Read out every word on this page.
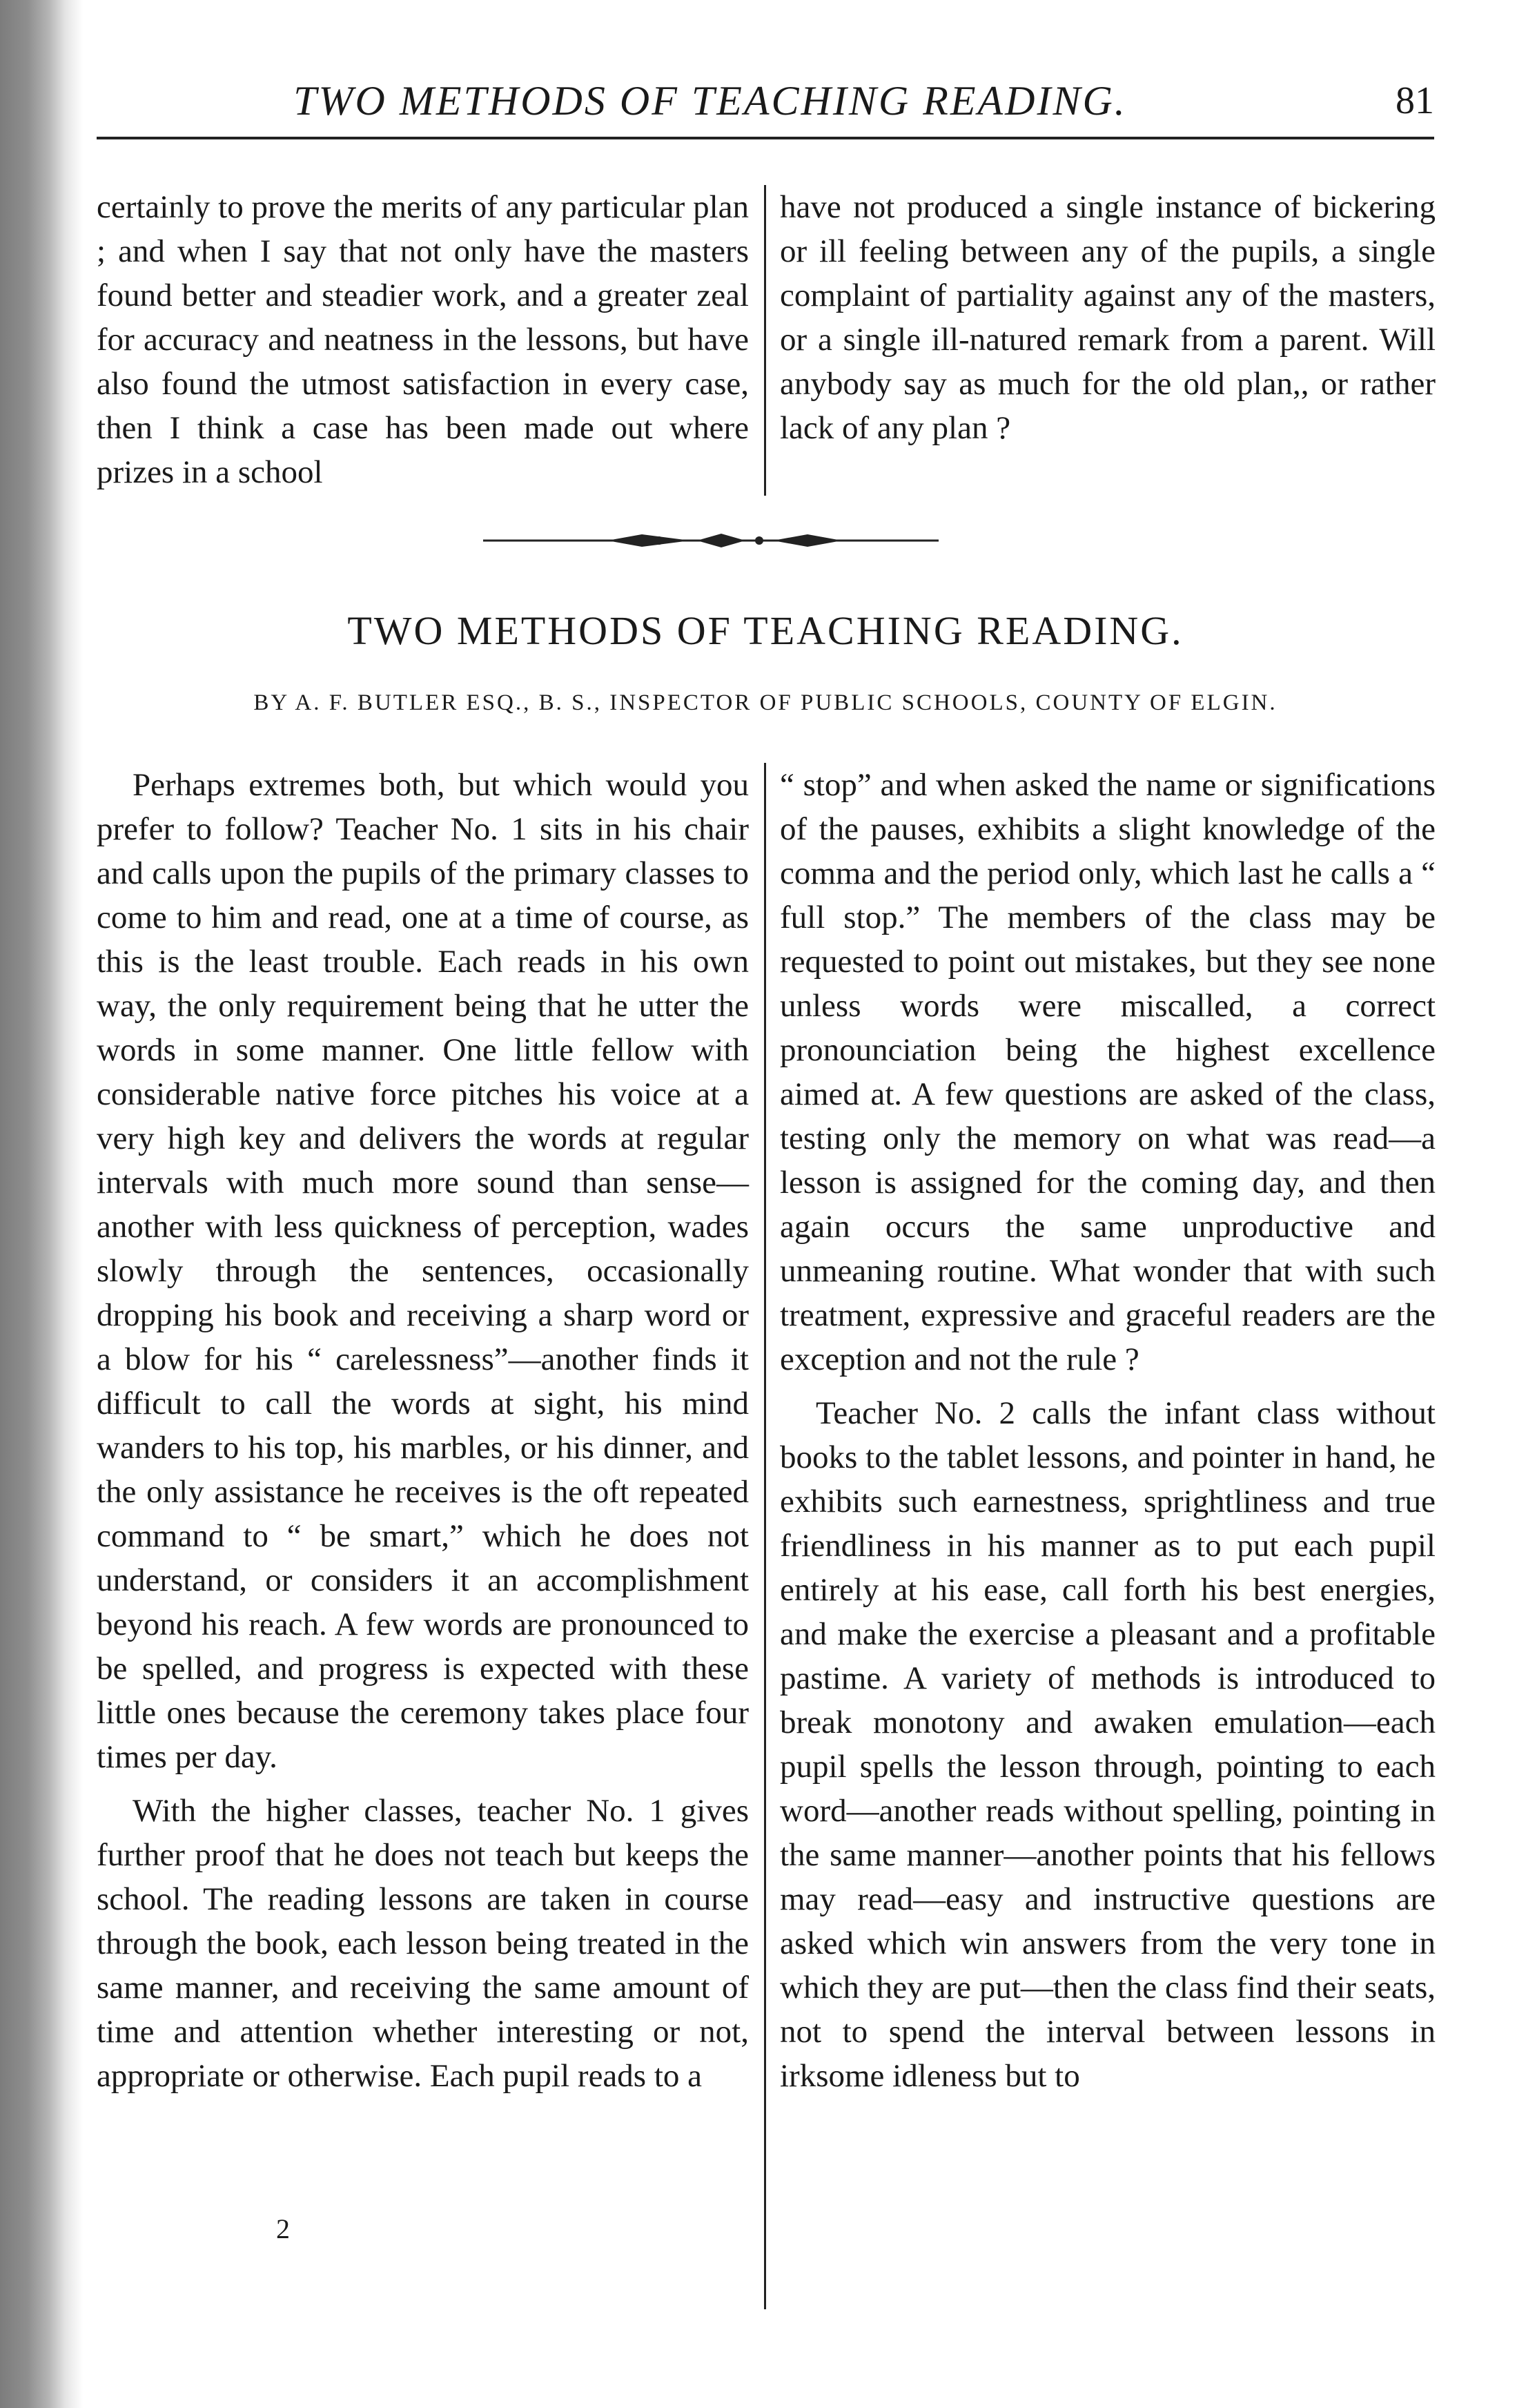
TWO METHODS OF TEACHING READING.	81

certainly to prove the merits of any particular plan ; and when I say that not only have the masters found better and steadier work, and a greater zeal for accuracy and neatness in the lessons, but have also found the utmost satisfaction in every case, then I think a case has been made out where prizes in a school

have not produced a single instance of bickering or ill feeling between any of the pupils, a single complaint of partiality against any of the masters, or a single ill-natured remark from a parent. Will anybody say as much for the old plan,, or rather lack of any plan ?

TWO METHODS OF TEACHING READING.
BY A. F. BUTLER ESQ., B. S., INSPECTOR OF PUBLIC SCHOOLS, COUNTY OF ELGIN.

Perhaps extremes both, but which would you prefer to follow? Teacher No. 1 sits in his chair and calls upon the pupils of the primary classes to come to him and read, one at a time of course, as this is the least trouble. Each reads in his own way, the only requirement being that he utter the words in some manner. One little fellow with considerable native force pitches his voice at a very high key and delivers the words at regular intervals with much more sound than sense—another with less quickness of perception, wades slowly through the sentences, occasionally dropping his book and receiving a sharp word or a blow for his “ carelessness”—another finds it difficult to call the words at sight, his mind wanders to his top, his marbles, or his dinner, and the only assistance he receives is the oft repeated command to “ be smart,” which he does not understand, or considers it an accomplishment beyond his reach. A few words are pronounced to be spelled, and progress is expected with these little ones because the ceremony takes place four times per day.

With the higher classes, teacher No. 1 gives further proof that he does not teach but keeps the school. The reading lessons are taken in course through the book, each lesson being treated in the same manner, and receiving the same amount of time and attention whether interesting or not, appropriate or otherwise. Each pupil reads to a

“ stop” and when asked the name or significations of the pauses, exhibits a slight knowledge of the comma and the period only, which last he calls a “ full stop.” The members of the class may be requested to point out mistakes, but they see none unless words were miscalled, a correct pronounciation being the highest excellence aimed at. A few questions are asked of the class, testing only the memory on what was read—a lesson is assigned for the coming day, and then again occurs the same unproductive and unmeaning routine. What wonder that with such treatment, expressive and graceful readers are the exception and not the rule ?

Teacher No. 2 calls the infant class without books to the tablet lessons, and pointer in hand, he exhibits such earnestness, sprightliness and true friendliness in his manner as to put each pupil entirely at his ease, call forth his best energies, and make the exercise a pleasant and a profitable pastime. A variety of methods is introduced to break monotony and awaken emulation—each pupil spells the lesson through, pointing to each word—another reads without spelling, pointing in the same manner—another points that his fellows may read—easy and instructive questions are asked which win answers from the very tone in which they are put—then the class find their seats, not to spend the interval between lessons in irksome idleness but to

2
